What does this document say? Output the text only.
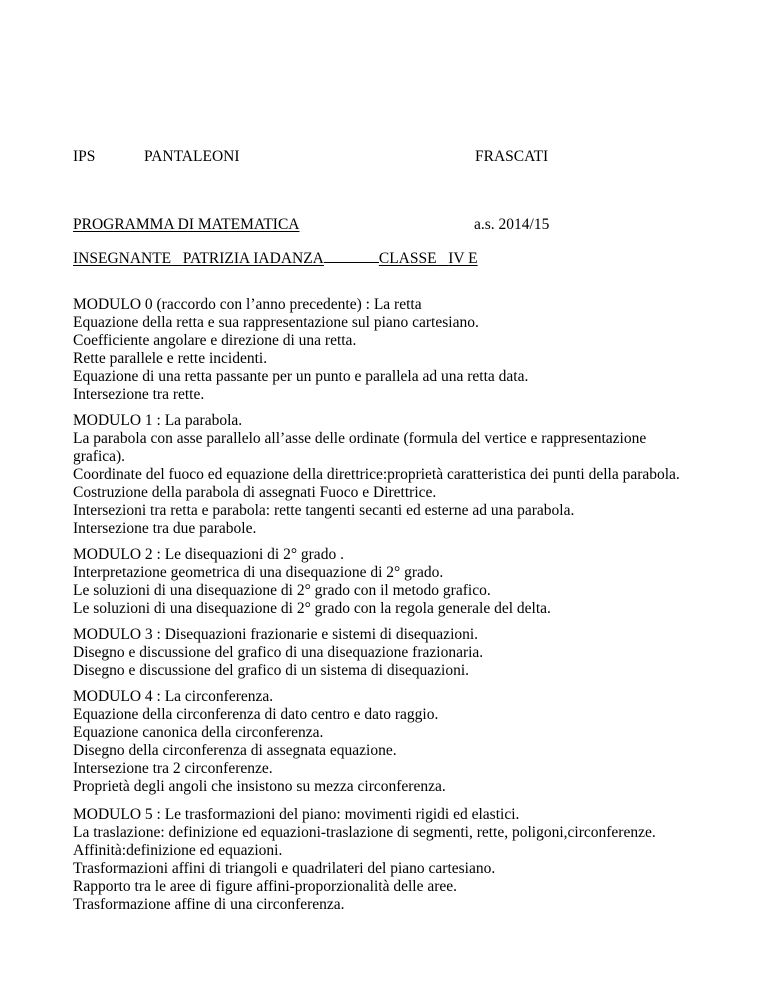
IPS	PANTALEONI	FRASCATI
PROGRAMMA DI MATEMATICA	a.s. 2014/15
INSEGNANTE PATRIZIA IADANZA	CLASSE IV E
MODULO 0 (raccordo con l’anno precedente) : La retta
Equazione della retta e sua rappresentazione sul piano cartesiano.
Coefficiente angolare e direzione di una retta.
Rette parallele e rette incidenti.
Equazione di una retta passante per un punto e parallela ad una retta data.
Intersezione tra rette.
MODULO 1 : La parabola.
La parabola con asse parallelo all’asse delle ordinate (formula del vertice e rappresentazione
grafica).
Coordinate del fuoco ed equazione della direttrice:proprietà caratteristica dei punti della parabola.
Costruzione della parabola di assegnati Fuoco e Direttrice.
Intersezioni tra retta e parabola: rette tangenti secanti ed esterne ad una parabola.
Intersezione tra due parabole.
MODULO 2 : Le disequazioni di 2° grado .
Interpretazione geometrica di una disequazione di 2° grado.
Le soluzioni di una disequazione di 2° grado con il metodo grafico.
Le soluzioni di una disequazione di 2° grado con la regola generale del delta.
MODULO 3 : Disequazioni frazionarie e sistemi di disequazioni.
Disegno e discussione del grafico di una disequazione frazionaria.
Disegno e discussione del grafico di un sistema di disequazioni.
MODULO 4 : La circonferenza.
Equazione della circonferenza di dato centro e dato raggio.
Equazione canonica della circonferenza.
Disegno della circonferenza di assegnata equazione.
Intersezione tra 2 circonferenze.
Proprietà degli angoli che insistono su mezza circonferenza.
MODULO 5 : Le trasformazioni del piano: movimenti rigidi ed elastici.
La traslazione: definizione ed equazioni-traslazione di segmenti, rette, poligoni,circonferenze.
Affinità:definizione ed equazioni.
Trasformazioni affini di triangoli e quadrilateri del piano cartesiano.
Rapporto tra le aree di figure affini-proporzionalità delle aree.
Trasformazione affine di una circonferenza.
